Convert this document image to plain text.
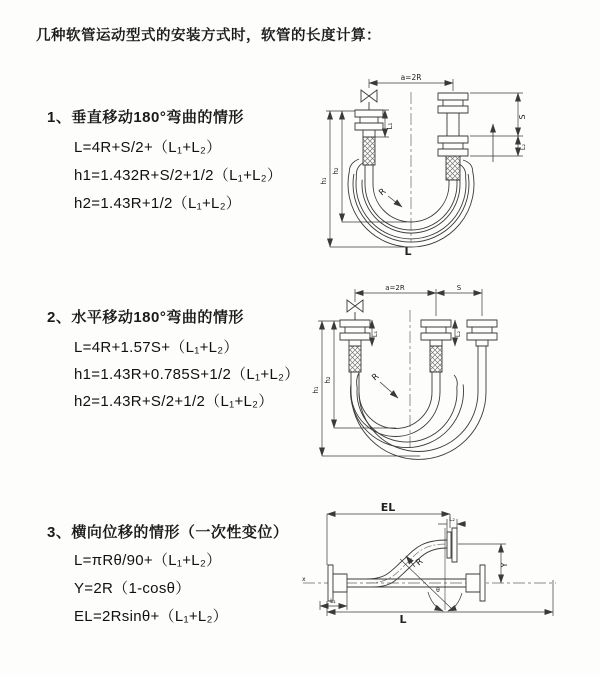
几种软管运动型式的安装方式时，软管的长度计算：
1、垂直移动180°弯曲的情形
L=4R+S/2+（L₁+L₂）
h1=1.432R+S/2+1/2（L₁+L₂）
h2=1.43R+1/2（L₁+L₂）
a=2R
L₁
S
L₂
h₁
h₂
R
L
2、水平移动180°弯曲的情形
L=4R+1.57S+（L₁+L₂）
h1=1.43R+0.785S+1/2（L₁+L₂）
h2=1.43R+S/2+1/2（L₁+L₂）
a=2R	S
L₁	L₂
h₁
h₂	R
3、横向位移的情形（一次性变位）
L=πRθ/90+（L₁+L₂）
Y=2R（1-cosθ）
EL=2Rsinθ+（L₁+L₂）
EL
L₂
Y
R
θ
L₁
L
x
